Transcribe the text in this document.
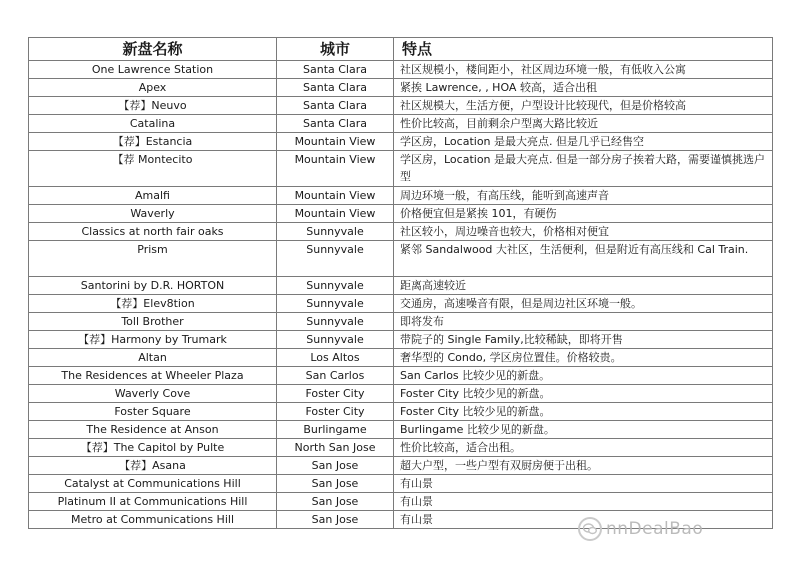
新盘名称	城市	特点
One Lawrence Station	Santa Clara	社区规模小，楼间距小，社区周边环境一般，有低收入公寓
Apex	Santa Clara	紧挨 Lawrence, , HOA 较高，适合出租
【荐】Neuvo	Santa Clara	社区规模大，生活方便，户型设计比较现代，但是价格较高
Catalina	Santa Clara	性价比较高，目前剩余户型离大路比较近
【荐】Estancia	Mountain View	学区房，Location 是最大亮点. 但是几乎已经售空
【荐 Montecito	Mountain View	学区房，Location 是最大亮点. 但是一部分房子挨着大路，需要谨慎挑选户型
Amalfi	Mountain View	周边环境一般，有高压线，能听到高速声音
Waverly	Mountain View	价格便宜但是紧挨 101，有硬伤
Classics at north fair oaks	Sunnyvale	社区较小，周边噪音也较大，价格相对便宜
Prism	Sunnyvale	紧邻 Sandalwood 大社区，生活便利，但是附近有高压线和 Cal Train.
Santorini by D.R. HORTON	Sunnyvale	距离高速较近
【荐】Elev8tion	Sunnyvale	交通房，高速噪音有限，但是周边社区环境一般。
Toll Brother	Sunnyvale	即将发布
【荐】Harmony by Trumark	Sunnyvale	带院子的 Single Family,比较稀缺，即将开售
Altan	Los Altos	奢华型的 Condo, 学区房位置佳。价格较贵。
The Residences at Wheeler Plaza	San Carlos	San Carlos 比较少见的新盘。
Waverly Cove	Foster City	Foster City 比较少见的新盘。
Foster Square	Foster City	Foster City 比较少见的新盘。
The Residence at Anson	Burlingame	Burlingame 比较少见的新盘。
【荐】The Capitol by Pulte	North San Jose	性价比较高，适合出租。
【荐】Asana	San Jose	超大户型，一些户型有双厨房便于出租。
Catalyst at Communications Hill	San Jose	有山景
Platinum II at Communications Hill	San Jose	有山景
Metro at Communications Hill	San Jose	有山景	nnDealBao
